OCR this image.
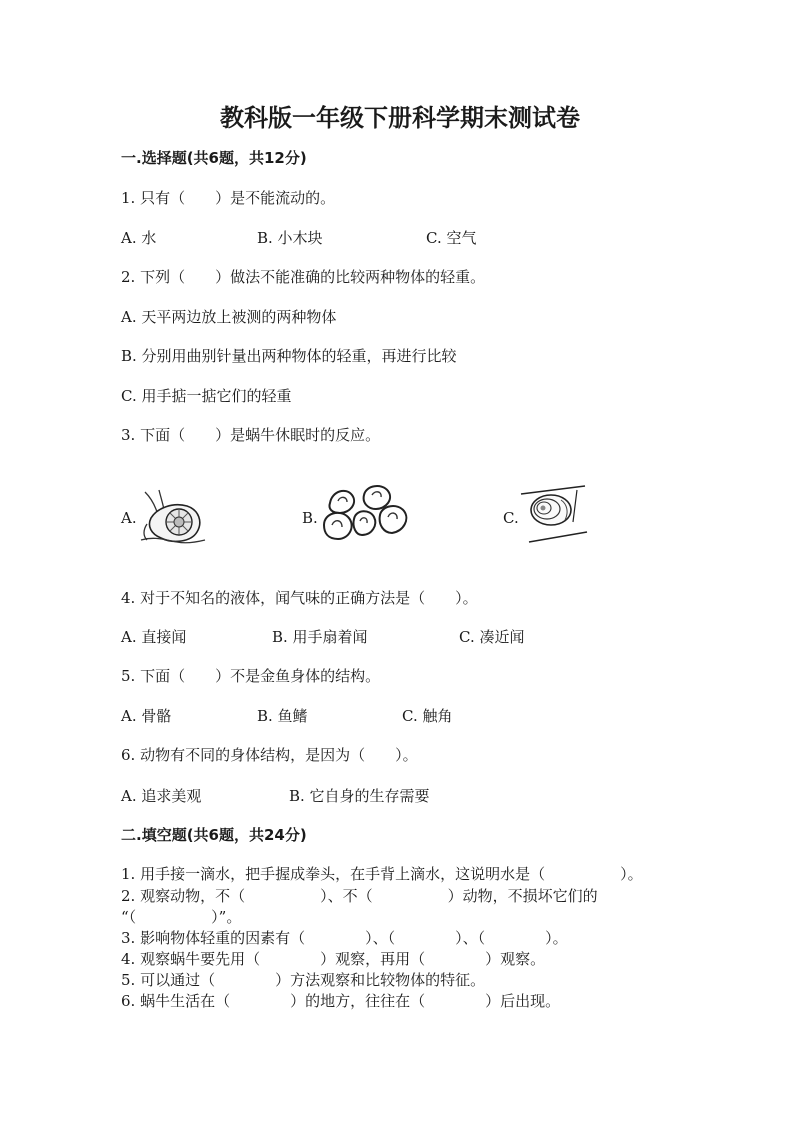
教科版一年级下册科学期末测试卷
一.选择题(共6题，共12分)
1. 只有（　　）是不能流动的。
A. 水	B. 小木块	C. 空气
2. 下列（　　）做法不能准确的比较两种物体的轻重。
A. 天平两边放上被测的两种物体
B. 分别用曲别针量出两种物体的轻重，再进行比较
C. 用手掂一掂它们的轻重
3. 下面（　　）是蜗牛休眠时的反应。
A.	B.	C.
4. 对于不知名的液体，闻气味的正确方法是（　　）。
A. 直接闻	B. 用手扇着闻	C. 凑近闻
5. 下面（　　）不是金鱼身体的结构。
A. 骨骼	B. 鱼鳍	C. 触角
6. 动物有不同的身体结构，是因为（　　）。
A. 追求美观	B. 它自身的生存需要
二.填空题(共6题，共24分)
1. 用手接一滴水，把手握成拳头，在手背上滴水，这说明水是（　　　　　）。
2. 观察动物，不（　　　　　）、不（　　　　　）动物，不损坏它们的
“（　　　　　）”。
3. 影响物体轻重的因素有（　　　　）、（　　　　）、（　　　　）。
4. 观察蜗牛要先用（　　　　）观察，再用（　　　　）观察。
5. 可以通过（　　　　）方法观察和比较物体的特征。
6. 蜗牛生活在（　　　　）的地方，往往在（　　　　）后出现。
